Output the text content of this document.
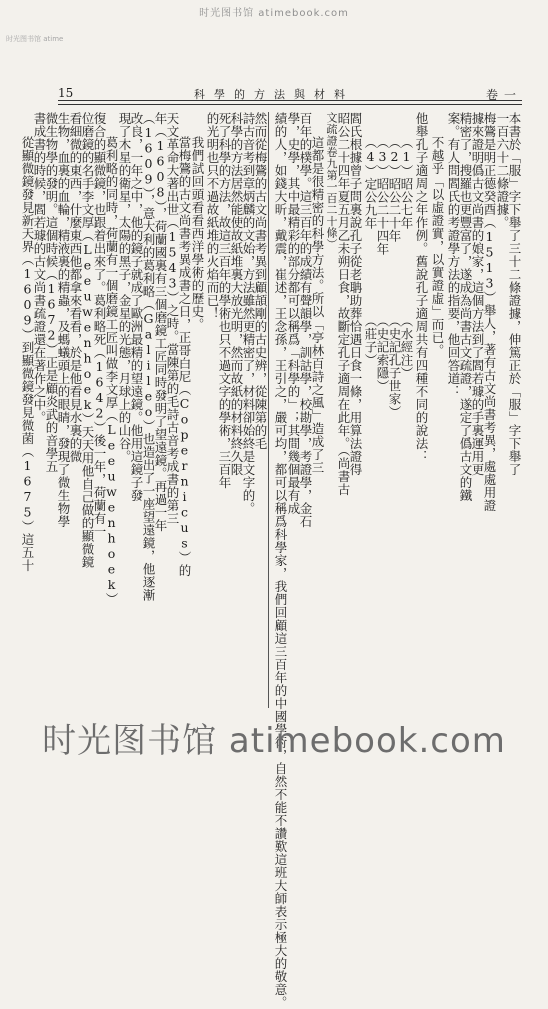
时光图书馆 atimebook.com
时光图书馆 atime
15	科學的方法與材料	卷一
本書於「服」字下舉了三十二條證據，伸篤正於「服」字下舉了
一百六十二條證據。
梅鷟是明正德癸酉（1513）舉人，著有古文尚書考異，處處用證
據來證明僞古文尚書的娘家，這個方法到了閻若璩的手裏運用更
精密了，搜羅也更豐富了，遂成為尚書古文疏證，遂定了僞古文的鐵
案。有人問閻氏的考證學方法的指要，他回答道：
不越乎「以虛證實，以實證虛」而已。
他舉孔子適周之年作例。舊說孔子適周共有四種不同的說法：
（1）昭公七年　　　　　　　（水經注）
（2）昭公二十年　　　　　　（史記孔子世家）
（3）昭公二十四年　　　　　（史記索隱）
（4）定公九年　　　　　　　（莊子）
閻氏根據曾子問裏說孔子從老聃助葬恰遇日食一條，用算法證得
昭公二十四年夏五月乙未朔日食，故斷定孔子適周在此年。（尚書古
文疏證卷九第一百二十條）
這都是很精密的科學方法。所以「亭林百詩之風」造成了三
百年的樸學。這三百年的成績有聲韻學，訓詁學，校勘學，考證學，金石
學，史學，其中最精彩的部分都可以稱爲「科學的」；其間幾個最有成
績的人，如錢大昕，戴震，崔述，王念孫，王引之，嚴可均，都可以稱爲科學家，我們回顧這三百年的中國學術，自然不能不讚歎這班大師表示極大的敬意。
然而從梅鷟的古文尚書考異到顧頡剛的古史辨，從陳第的毛
詩古音考到章炳麟的文始，方法雖然更精密了，材料卻始終是文字的。
科學的方法居然能使故紙堆裏大放光明，然而故紙的材料終久限
死了科學的方法，故這三百年的學術也只不過文字的學術，三百年
的光明也只不過故紙堆的火焰而已！
我們試回頭看看西洋學術的歷史。
當梅鷟的古文尚書考異成書之日，正哥白尼（Copernicus）的
天文革命大著出世（1543）之時。當陳第的毛詩古音考成書的第三
年（1608），荷蘭國裏有三個磨鏡工匠同時發明了望遠鏡。再過一年
（1609），意大利的葛利略（Galileo）也造出了一座望遠鏡，他逐漸
改良，一年之中，他的鏡子就成了歐洲最精的望遠鏡。他用這鏡子發
現了木星的衛星，太陽的黑子，金星的光態，月球上的山谷。
葛利略的同時，荷蘭有一個磨鏡工匠叫做李文厚（Leeuwenhoek）
復合的顯微鏡，也跟着出來了。葛利略死（1642）後一年，荷蘭有一
位磨鏡的名手李文厚（Leeuwenhoek）天天用他自己做的顯微鏡
看細微的東西，什麼東西他都拿來看看，於是他看見水裏的微
生物，血裏的血輪，精液裏的精蟲，及螞蟻頭上的眼睛，發現了微生物學
微生物學的發明。這個時候（1672）正是顧炎武的音學五
書成書的時候，閻若璩的古文尚書疏證還在著作之中。
從顯微鏡發見新天界（1609）到顯微鏡發見微菌（1675）這五十
时光图书馆 atimebook.com
